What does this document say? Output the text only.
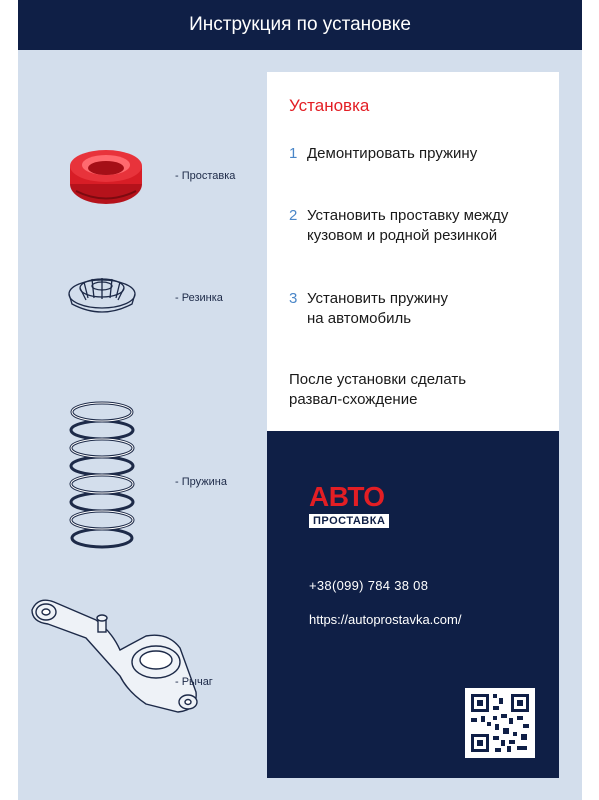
Инструкция по установке
- Проставка
- Резинка
- Пружина
- Рычаг
Установка
1 Демонтировать пружину
2 Установить проставку между
кузовом и родной резинкой
3 Установить пружину
на автомобиль
После установки сделать
развал-схождение
АВТО
ПРОСТАВКА
+38(099) 784 38 08
https://autoprostavka.com/
